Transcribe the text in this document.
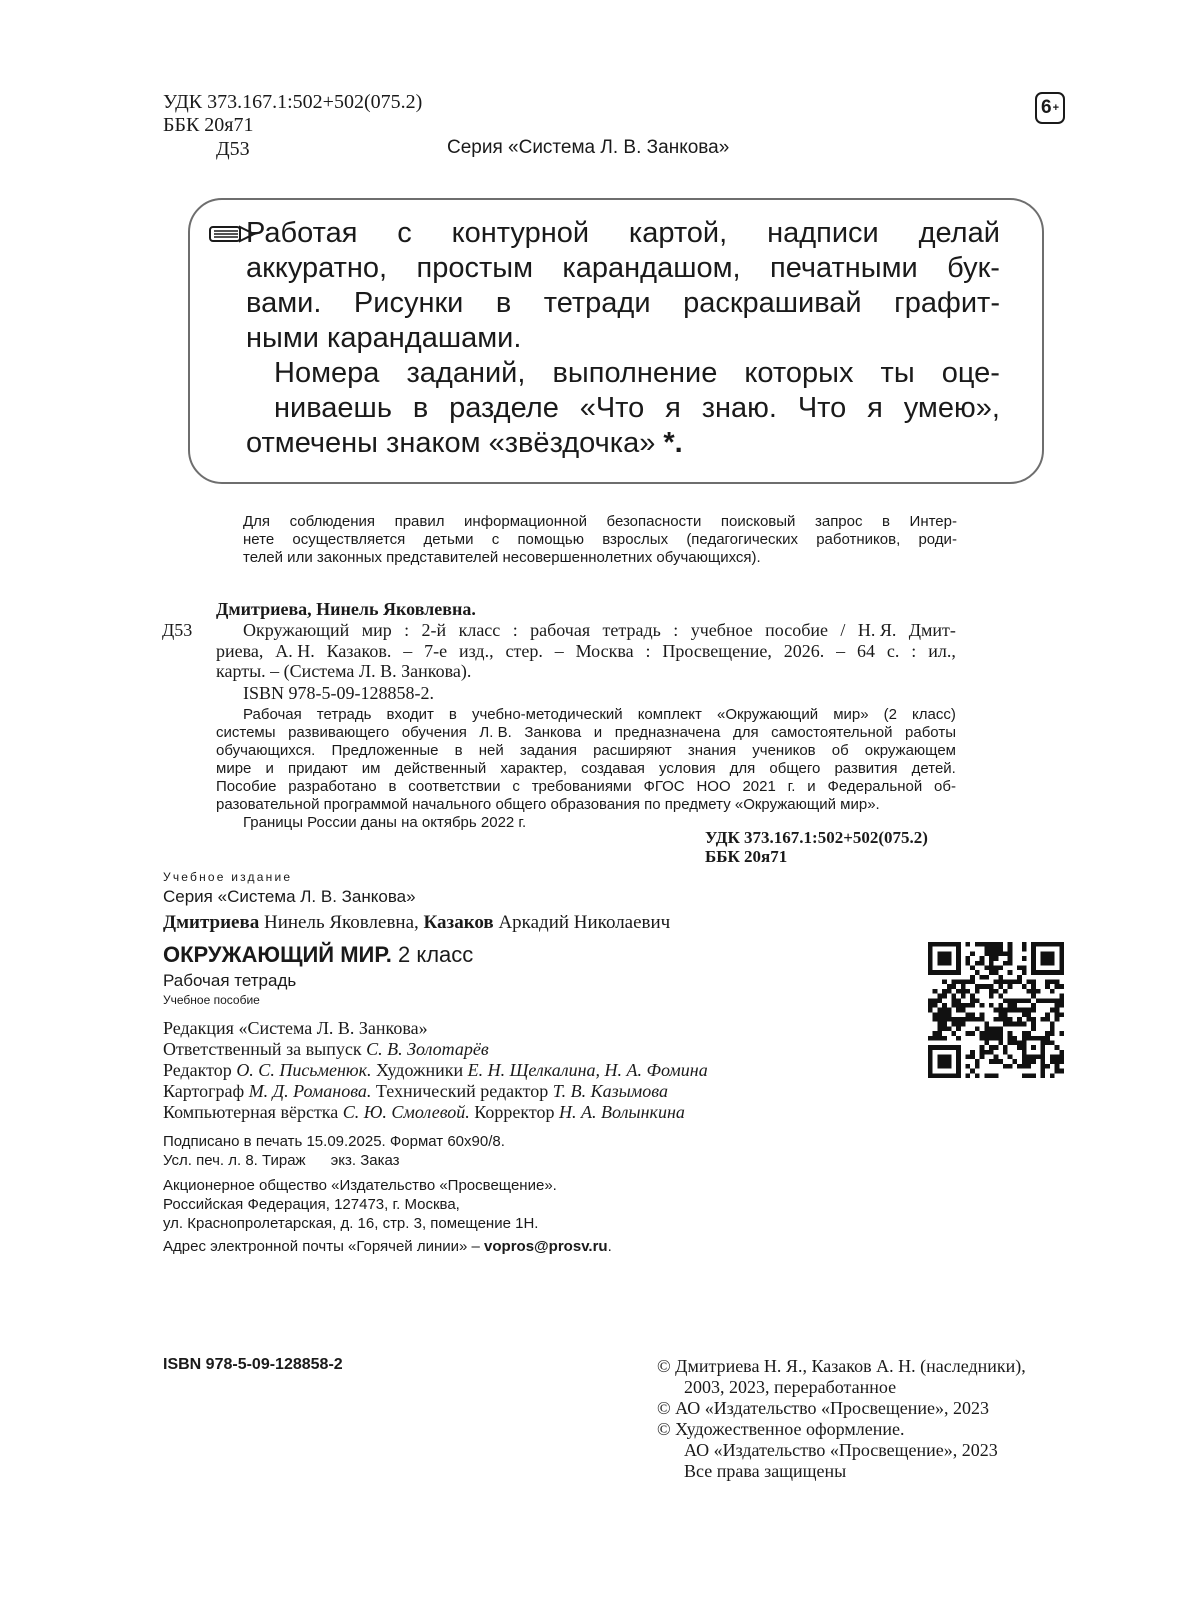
УДК 373.167.1:502+502(075.2)
ББК 20я71
Д53	Серия «Система Л. В. Занкова»
6 +
Работая с контурной картой, надписи делай
аккуратно, простым карандашом, печатными бук-
вами. Рисунки в тетради раскрашивай графит-
ными карандашами.
Номера заданий, выполнение которых ты оце-
ниваешь в разделе «Что я знаю. Что я умею»,
отмечены знаком «звёздочка» *.
Для соблюдения правил информационной безопасности поисковый запрос в Интер-
нете осуществляется детьми с помощью взрослых (педагогических работников, роди-
телей или законных представителей несовершеннолетних обучающихся).
Дмитриева, Нинель Яковлевна.
Д53	Окружающий мир : 2-й класс : рабочая тетрадь : учебное пособие / Н. Я. Дмит-
риева, А. Н. Казаков. – 7-е изд., стер. – Москва : Просвещение, 2026. – 64 с. : ил.,
карты. – (Система Л. В. Занкова).
ISBN 978-5-09-128858-2.
Рабочая тетрадь входит в учебно-методический комплект «Окружающий мир» (2 класс)
системы развивающего обучения Л. В. Занкова и предназначена для самостоятельной работы
обучающихся. Предложенные в ней задания расширяют знания учеников об окружающем
мире и придают им действенный характер, создавая условия для общего развития детей.
Пособие разработано в соответствии с требованиями ФГОС НОО 2021 г. и Федеральной об-
разовательной программой начального общего образования по предмету «Окружающий мир».
Границы России даны на октябрь 2022 г.
УДК 373.167.1:502+502(075.2)
ББК 20я71
Учебное издание
Серия «Система Л. В. Занкова»
Дмитриева Нинель Яковлевна, Казаков Аркадий Николаевич
ОКРУЖАЮЩИЙ МИР. 2 класс
Рабочая тетрадь
Учебное пособие
Редакция «Система Л. В. Занкова»
Ответственный за выпуск С. В. Золотарёв
Редактор О. С. Письменюк. Художники Е. Н. Щелкалина, Н. А. Фомина
Картограф М. Д. Романова. Технический редактор Т. В. Казымова
Компьютерная вёрстка С. Ю. Смолевой. Корректор Н. А. Волынкина
Подписано в печать 15.09.2025. Формат 60x90/8.
Усл. печ. л. 8. Тираж      экз. Заказ
Акционерное общество «Издательство «Просвещение».
Российская Федерация, 127473, г. Москва,
ул. Краснопролетарская, д. 16, стр. 3, помещение 1Н.
Адрес электронной почты «Горячей линии» – vopros@prosv.ru.
ISBN 978-5-09-128858-2	© Дмитриева Н. Я., Казаков А. Н. (наследники),
2003, 2023, переработанное
© АО «Издательство «Просвещение», 2023
© Художественное оформление.
АО «Издательство «Просвещение», 2023
Все права защищены
